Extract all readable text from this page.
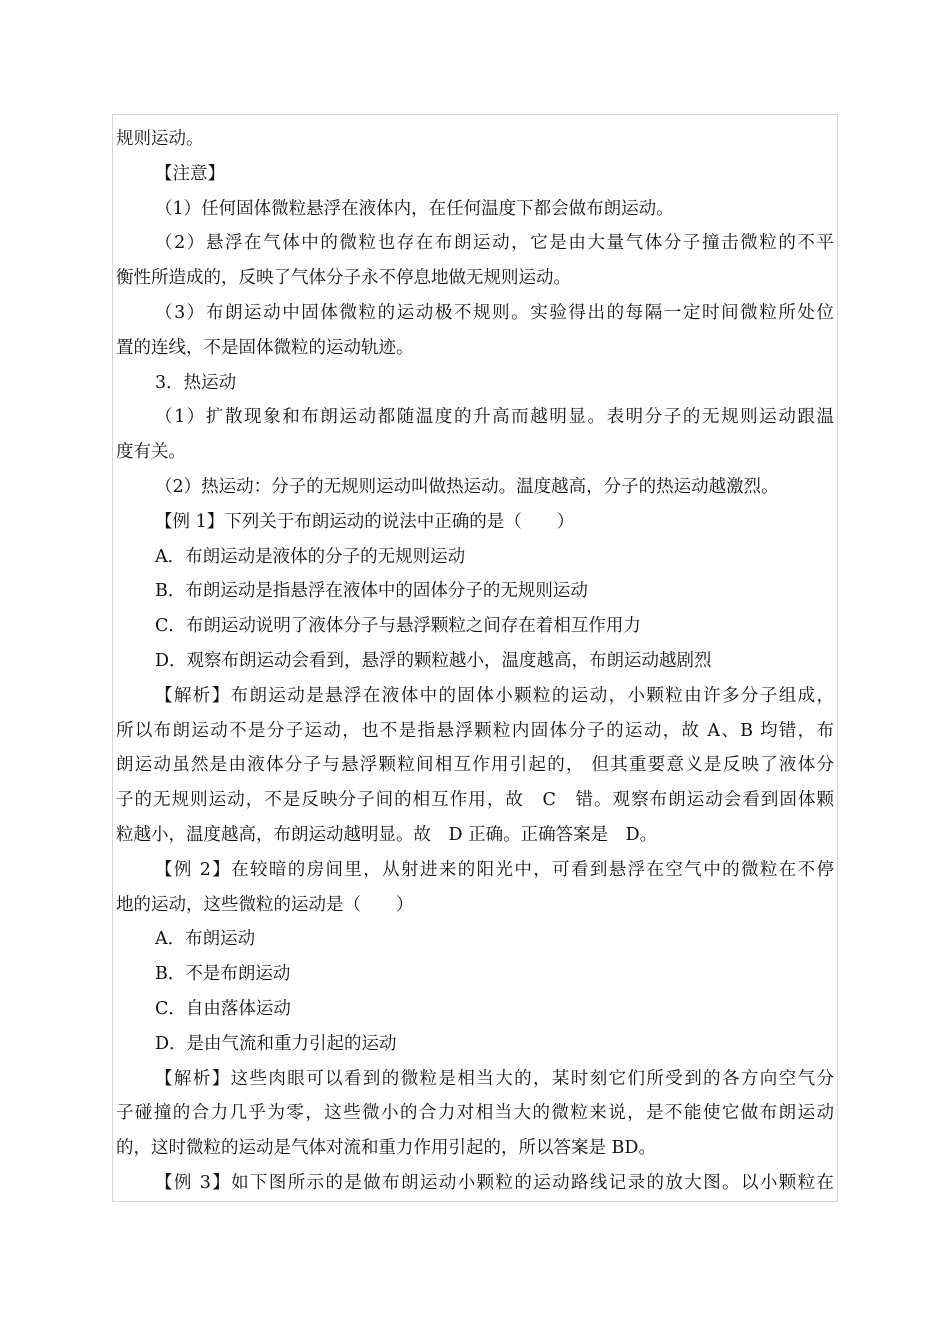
规则运动。
【注意】
（1）任何固体微粒悬浮在液体内，在任何温度下都会做布朗运动。
（2）悬浮在气体中的微粒也存在布朗运动，它是由大量气体分子撞击微粒的不平
衡性所造成的，反映了气体分子永不停息地做无规则运动。
（3）布朗运动中固体微粒的运动极不规则。实验得出的每隔一定时间微粒所处位
置的连线，不是固体微粒的运动轨迹。
3．热运动
（1）扩散现象和布朗运动都随温度的升高而越明显。表明分子的无规则运动跟温
度有关。
（2）热运动：分子的无规则运动叫做热运动。温度越高，分子的热运动越激烈。
【例 1】下列关于布朗运动的说法中正确的是（　　）
A．布朗运动是液体的分子的无规则运动
B．布朗运动是指悬浮在液体中的固体分子的无规则运动
C．布朗运动说明了液体分子与悬浮颗粒之间存在着相互作用力
D．观察布朗运动会看到，悬浮的颗粒越小，温度越高，布朗运动越剧烈
【解析】布朗运动是悬浮在液体中的固体小颗粒的运动，小颗粒由许多分子组成，
所以布朗运动不是分子运动，也不是指悬浮颗粒内固体分子的运动，故 A、B 均错，布
朗运动虽然是由液体分子与悬浮颗粒间相互作用引起的， 但其重要意义是反映了液体分
子的无规则运动，不是反映分子间的相互作用，故　C　错。观察布朗运动会看到固体颗
粒越小，温度越高，布朗运动越明显。故　D 正确。正确答案是　D。
【例 2】在较暗的房间里，从射进来的阳光中，可看到悬浮在空气中的微粒在不停
地的运动，这些微粒的运动是（　　）
A．布朗运动
B．不是布朗运动
C．自由落体运动
D．是由气流和重力引起的运动
【解析】这些肉眼可以看到的微粒是相当大的，某时刻它们所受到的各方向空气分
子碰撞的合力几乎为零，这些微小的合力对相当大的微粒来说，是不能使它做布朗运动
的，这时微粒的运动是气体对流和重力作用引起的，所以答案是 BD。
【例 3】如下图所示的是做布朗运动小颗粒的运动路线记录的放大图。以小颗粒在
